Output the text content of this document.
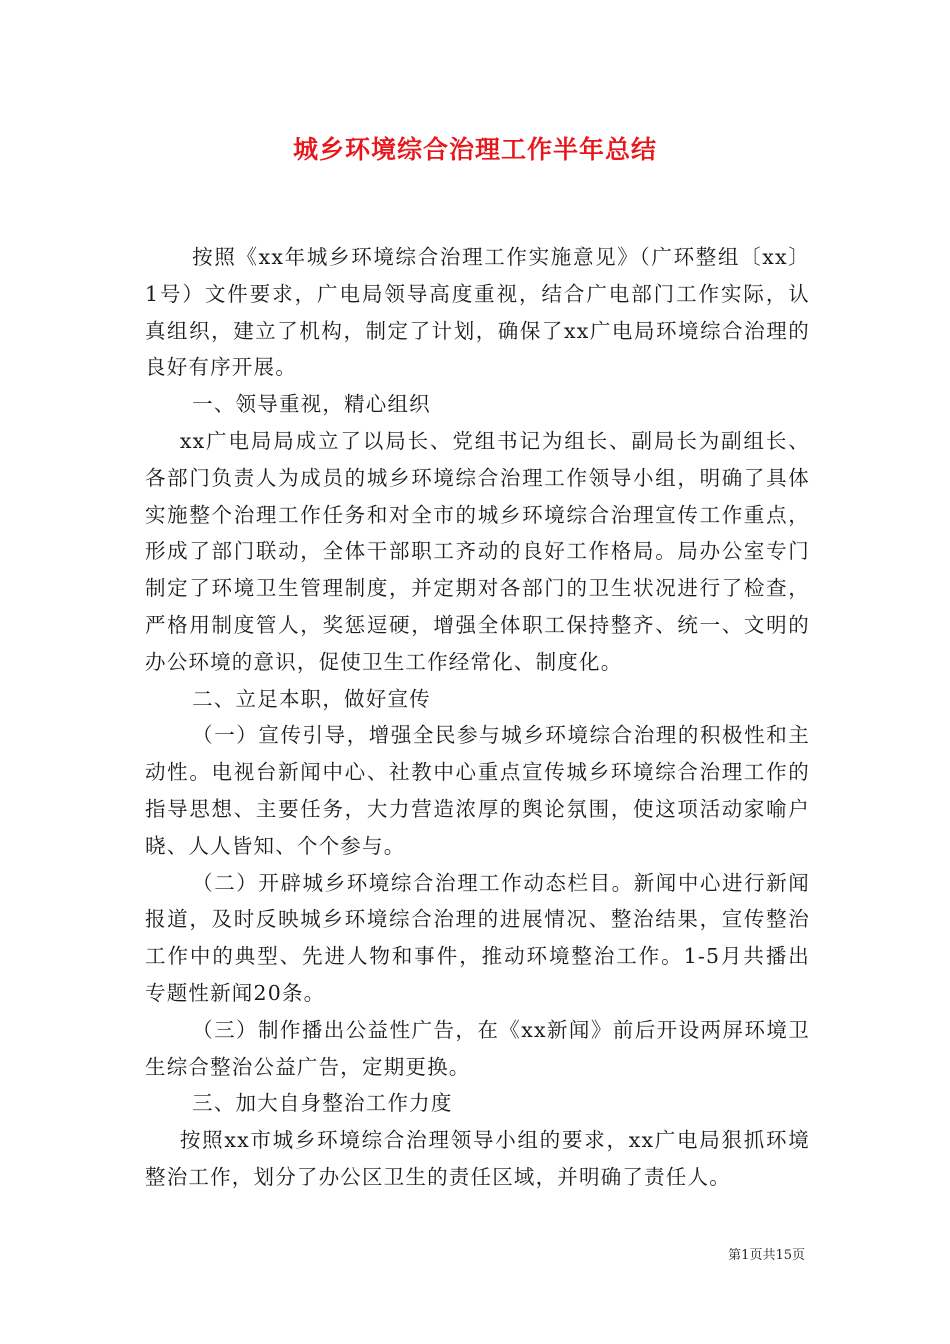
城乡环境综合治理工作半年总结

按照《xx年城乡环境综合治理工作实施意见》（广环整组〔xx〕1号）文件要求，广电局领导高度重视，结合广电部门工作实际，认真组织，建立了机构，制定了计划，确保了xx广电局环境综合治理的良好有序开展。

一、领导重视，精心组织

xx广电局局成立了以局长、党组书记为组长、副局长为副组长、各部门负责人为成员的城乡环境综合治理工作领导小组，明确了具体实施整个治理工作任务和对全市的城乡环境综合治理宣传工作重点，形成了部门联动，全体干部职工齐动的良好工作格局。局办公室专门制定了环境卫生管理制度，并定期对各部门的卫生状况进行了检查，严格用制度管人，奖惩逗硬，增强全体职工保持整齐、统一、文明的办公环境的意识，促使卫生工作经常化、制度化。

二、立足本职，做好宣传

（一）宣传引导，增强全民参与城乡环境综合治理的积极性和主动性。电视台新闻中心、社教中心重点宣传城乡环境综合治理工作的指导思想、主要任务，大力营造浓厚的舆论氛围，使这项活动家喻户晓、人人皆知、个个参与。

（二）开辟城乡环境综合治理工作动态栏目。新闻中心进行新闻报道，及时反映城乡环境综合治理的进展情况、整治结果，宣传整治工作中的典型、先进人物和事件，推动环境整治工作。1-5月共播出专题性新闻20条。

（三）制作播出公益性广告，在《xx新闻》前后开设两屏环境卫生综合整治公益广告，定期更换。

三、加大自身整治工作力度

按照xx市城乡环境综合治理领导小组的要求，xx广电局狠抓环境整治工作，划分了办公区卫生的责任区域，并明确了责任人。

第1页共15页
